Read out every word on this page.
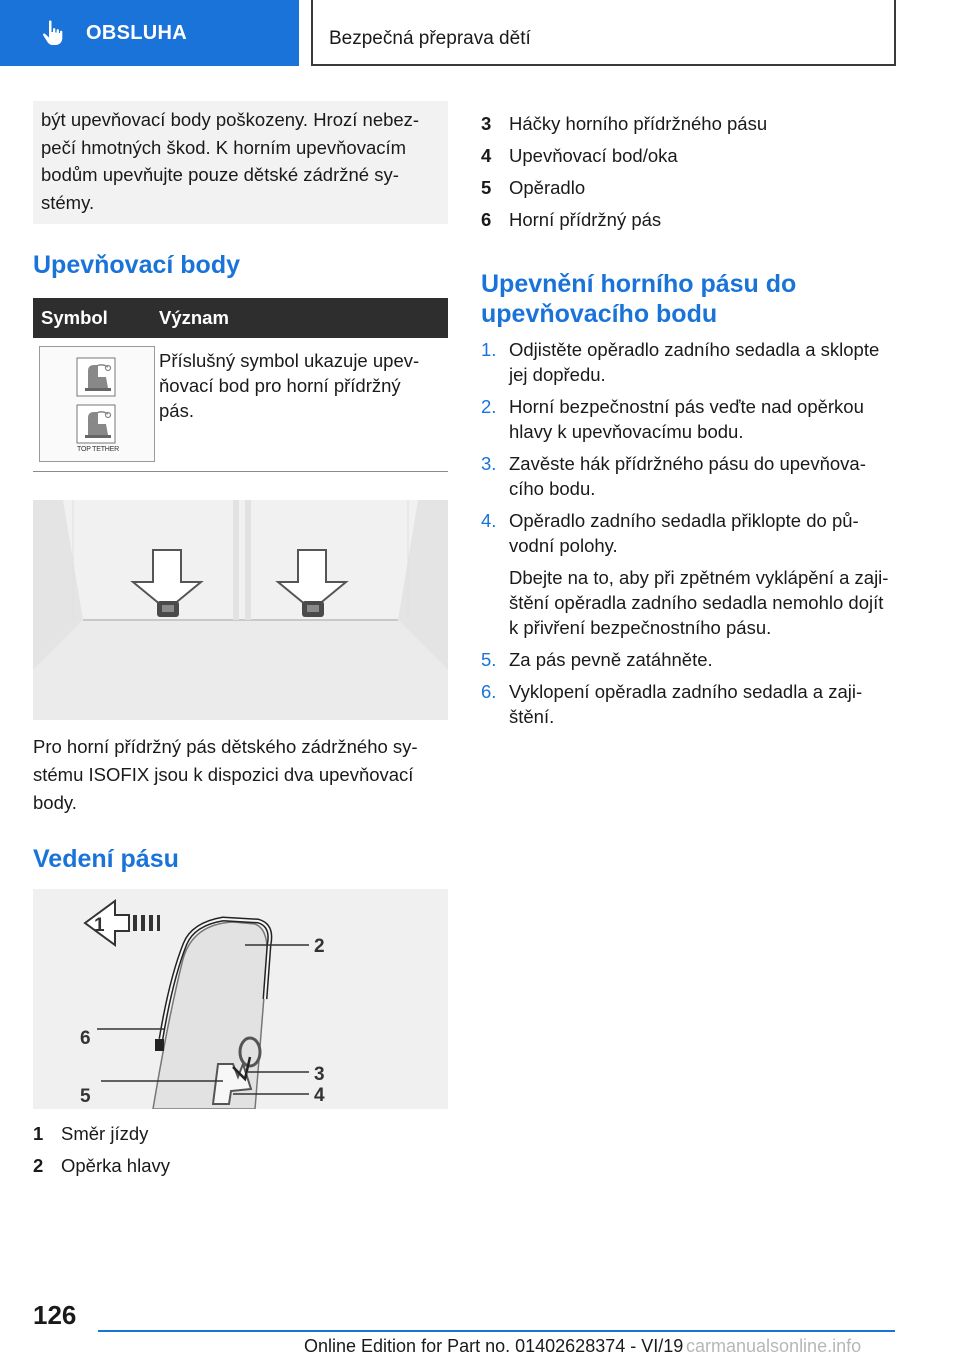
OBSLUHA	Bezpečná přeprava dětí
být upevňovací body poškozeny. Hrozí nebez-
pečí hmotných škod. K horním upevňovacím
bodům upevňujte pouze dětské zádržné sy-
stémy.
Upevňovací body
Symbol	Význam
TOP TETHER
Příslušný symbol ukazuje upev-
ňovací bod pro horní přídržný
pás.
Pro horní přídržný pás dětského zádržného sy-
stému ISOFIX jsou k dispozici dva upevňovací
body.
Vedení pásu
1
2
6
3
5	4
1 Směr jízdy
2 Opěrka hlavy
3 Háčky horního přídržného pásu
4 Upevňovací bod/oka
5 Opěradlo
6 Horní přídržný pás
Upevnění horního pásu do
upevňovacího bodu
1. Odjistěte opěradlo zadního sedadla a sklopte
jej dopředu.
2. Horní bezpečnostní pás veďte nad opěrkou
hlavy k upevňovacímu bodu.
3. Zavěste hák přídržného pásu do upevňova-
cího bodu.
4. Opěradlo zadního sedadla přiklopte do pů-
vodní polohy.
Dbejte na to, aby při zpětném vyklápění a zaji-
štění opěradla zadního sedadla nemohlo dojít
k přivření bezpečnostního pásu.
5. Za pás pevně zatáhněte.
6. Vyklopení opěradla zadního sedadla a zaji-
štění.
126
Online Edition for Part no. 01402628374 - VI/19 carmanualsonline.info
